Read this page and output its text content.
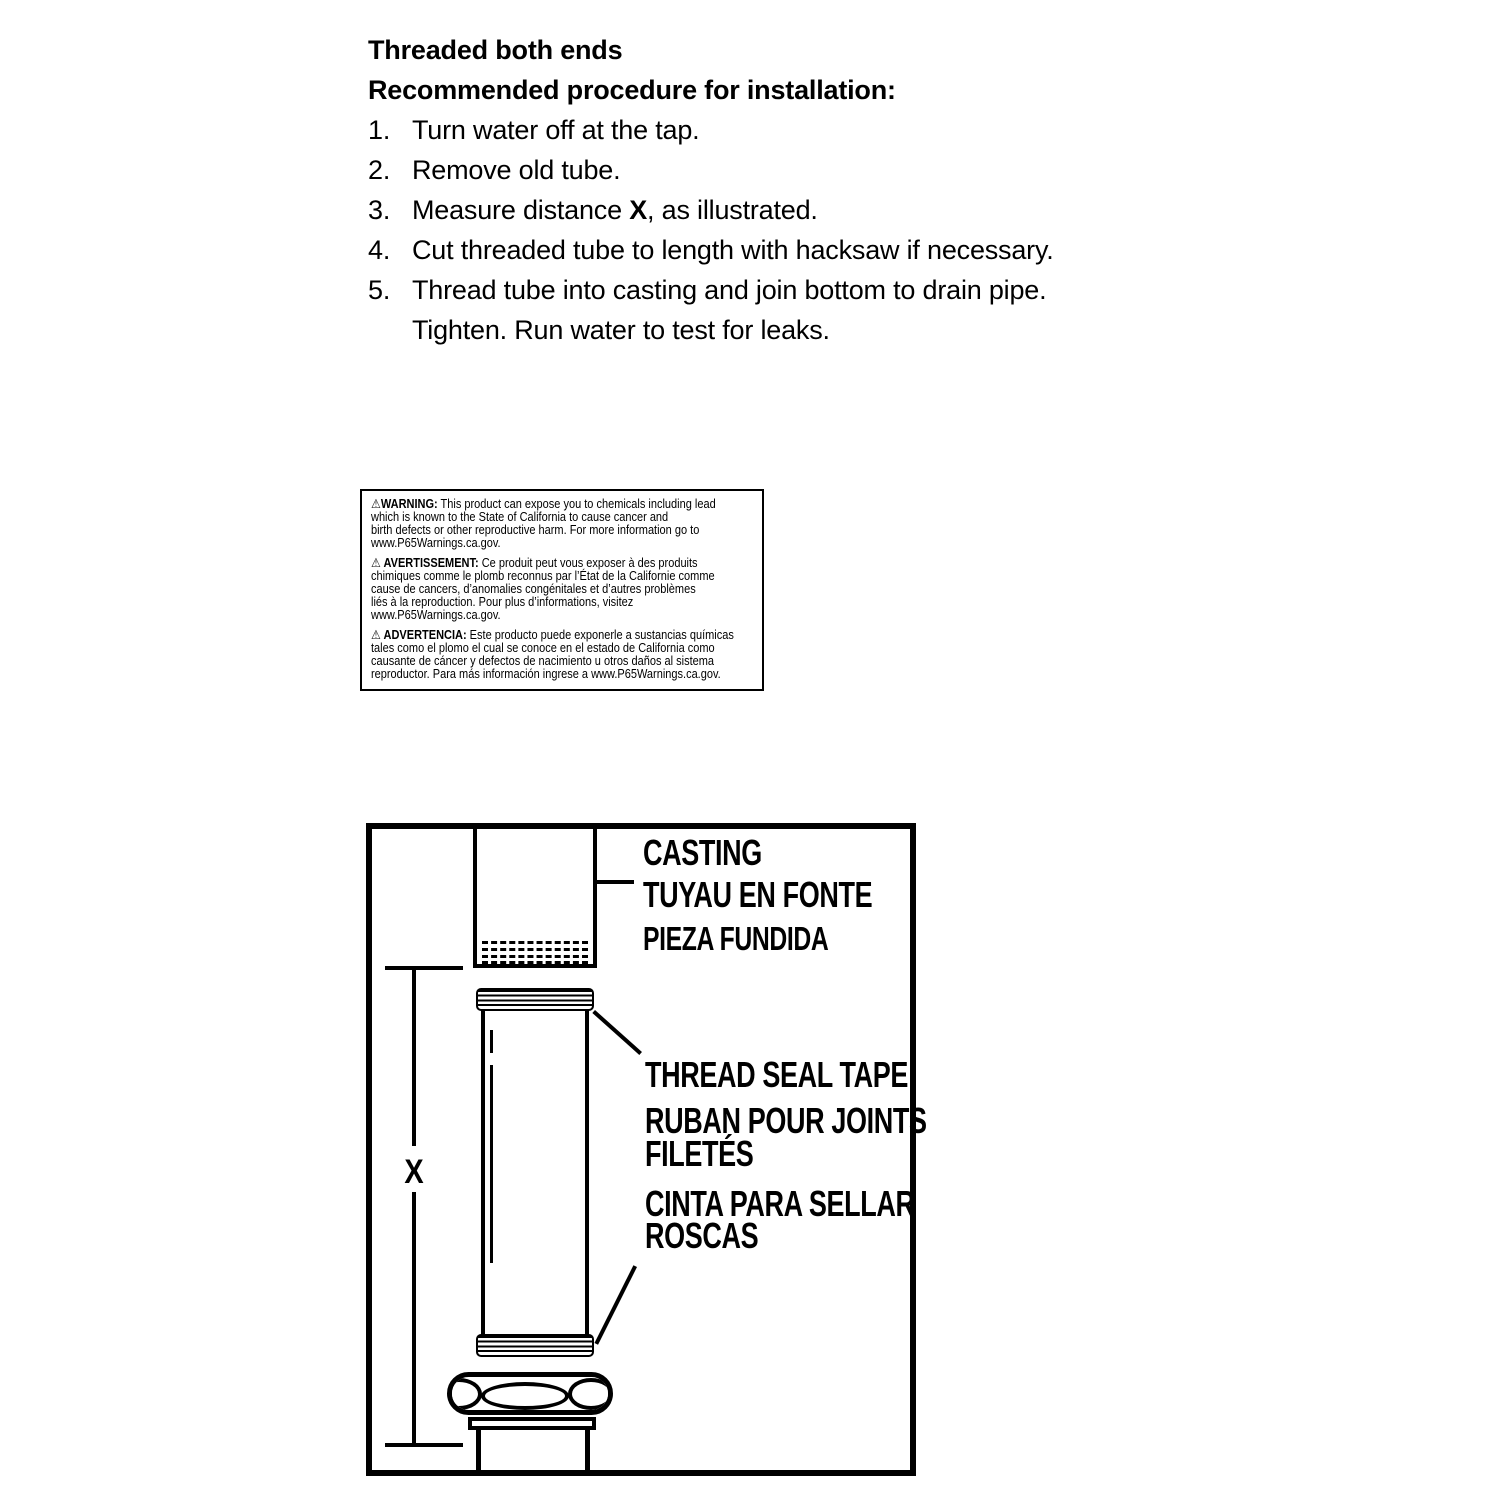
Threaded both ends
Recommended procedure for installation:
1. Turn water off at the tap.
2. Remove old tube.
3. Measure distance X, as illustrated.
4. Cut threaded tube to length with hacksaw if necessary.
5. Thread tube into casting and join bottom to drain pipe.
Tighten. Run water to test for leaks.
⚠WARNING: This product can expose you to chemicals including lead
which is known to the State of California to cause cancer and
birth defects or other reproductive harm. For more information go to
www.P65Warnings.ca.gov.
⚠ AVERTISSEMENT: Ce produit peut vous exposer à des produits
chimiques comme le plomb reconnus par l’État de la Californie comme
cause de cancers, d’anomalies congénitales et d’autres problèmes
liés à la reproduction. Pour plus d’informations, visitez
www.P65Warnings.ca.gov.
⚠ ADVERTENCIA: Este producto puede exponerle a sustancias químicas
tales como el plomo el cual se conoce en el estado de California como
causante de cáncer y defectos de nacimiento u otros daños al sistema
reproductor. Para más información ingrese a www.P65Warnings.ca.gov.
CASTING
TUYAU EN FONTE
PIEZA FUNDIDA
X
THREAD SEAL TAPE
RUBAN POUR JOINTS
FILETÉS
CINTA PARA SELLAR
ROSCAS
